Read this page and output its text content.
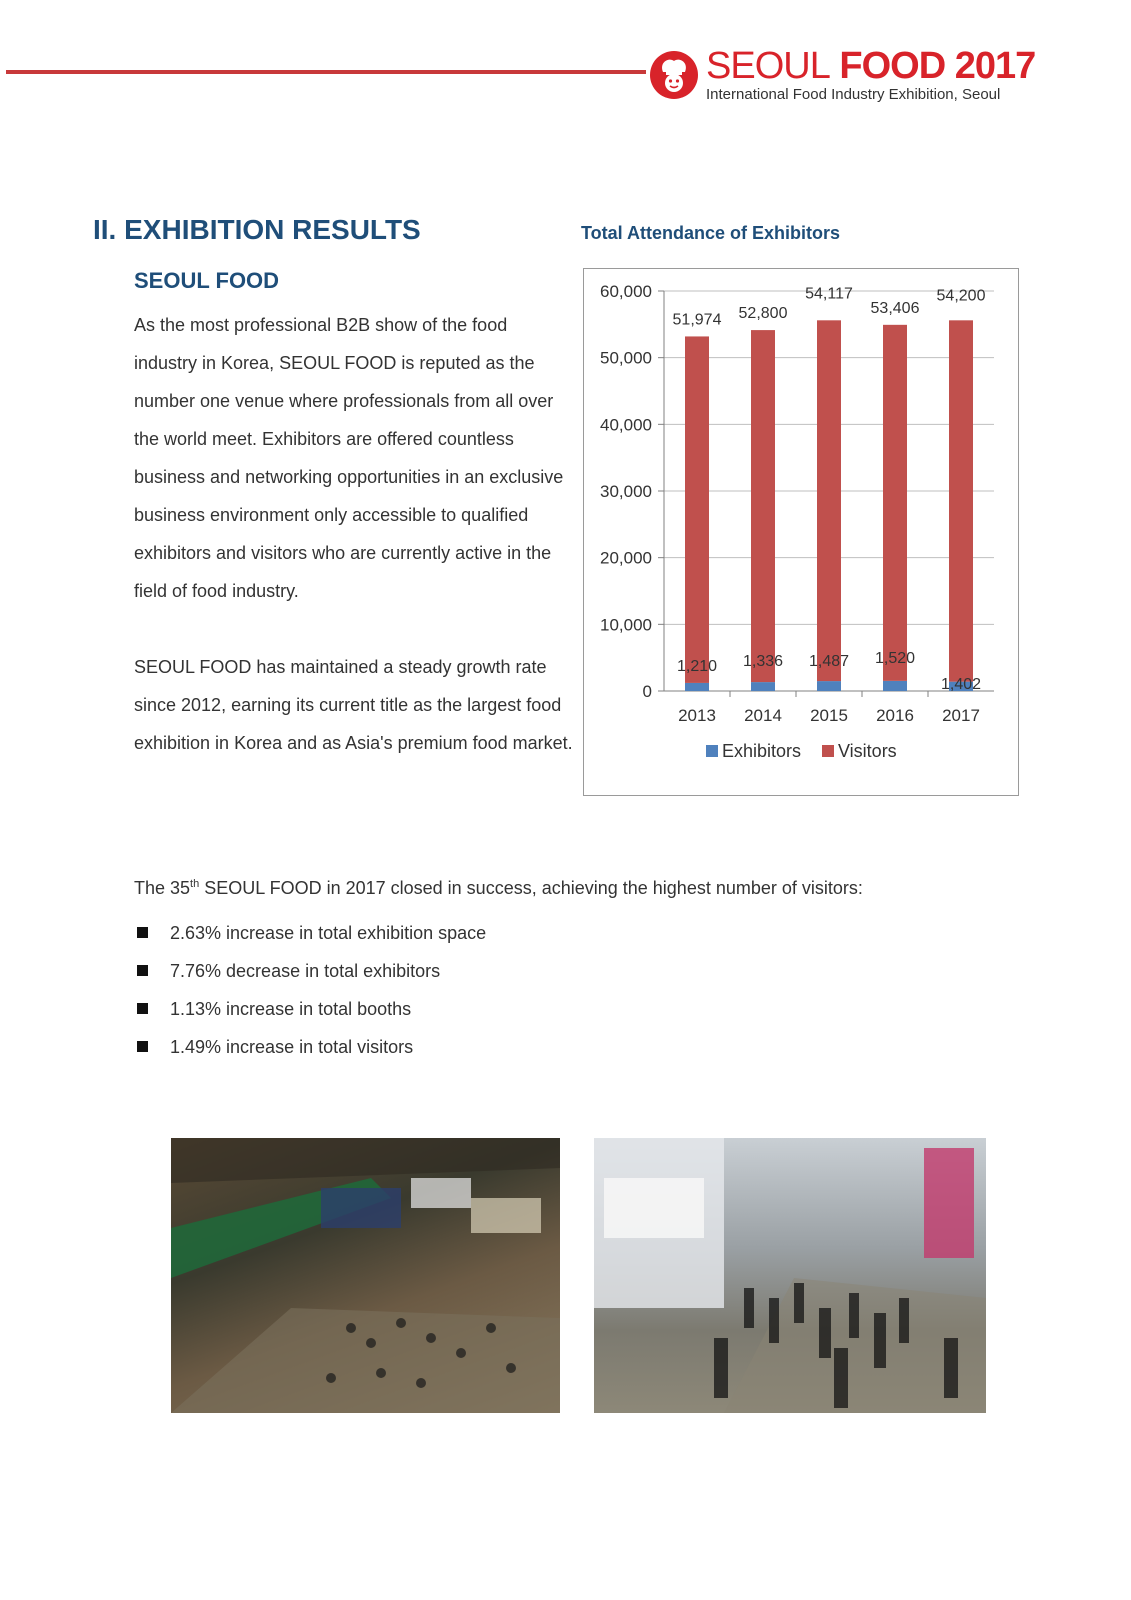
SEOUL FOOD 2017
International Food Industry Exhibition, Seoul
II. EXHIBITION RESULTS
SEOUL FOOD
As the most professional B2B show of the food industry in Korea, SEOUL FOOD is reputed as the number one venue where professionals from all over the world meet. Exhibitors are offered countless business and networking opportunities in an exclusive business environment only accessible to qualified exhibitors and visitors who are currently active in the field of food industry.
SEOUL FOOD has maintained a steady growth rate since 2012, earning its current title as the largest food exhibition in Korea and as Asia's premium food market.
Total Attendance of Exhibitors
0
10,000
20,000
30,000
40,000
50,000
60,000
2013
51,974
1,210
2014
52,800
1,336
2015
54,117
1,487
2016
53,406
1,520
2017
54,200
1,402
Exhibitors Visitors
The 35th SEOUL FOOD in 2017 closed in success, achieving the highest number of visitors:
2.63% increase in total exhibition space
7.76% decrease in total exhibitors
1.13% increase in total booths
1.49% increase in total visitors
